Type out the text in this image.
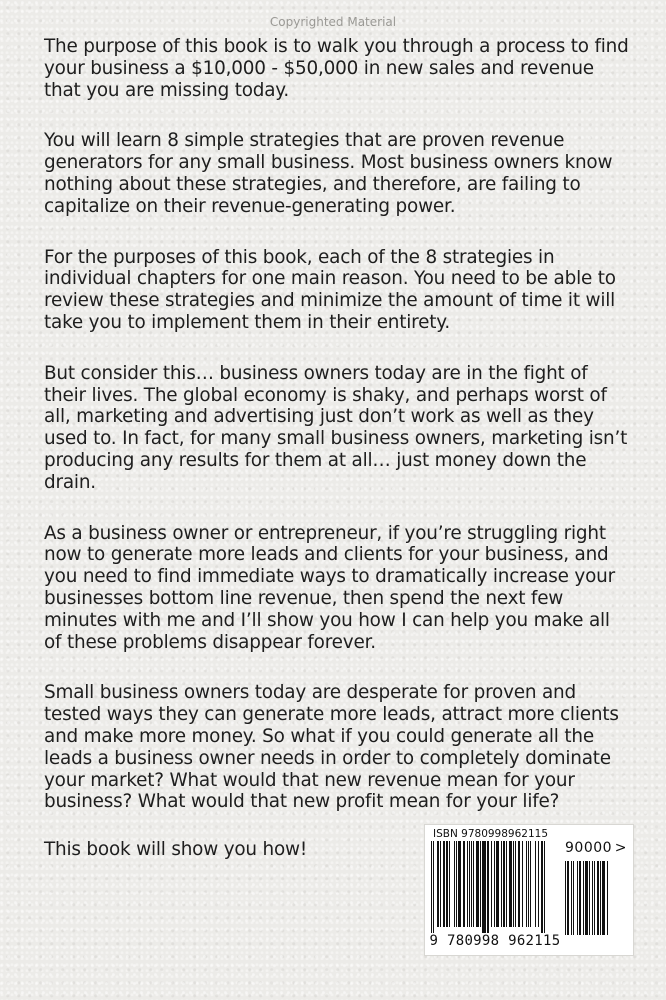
Copyrighted Material

The purpose of this book is to walk you through a process to find your business a $10,000 - $50,000 in new sales and revenue that you are missing today.

You will learn 8 simple strategies that are proven revenue generators for any small business. Most business owners know nothing about these strategies, and therefore, are failing to capitalize on their revenue-generating power.

For the purposes of this book, each of the 8 strategies in individual chapters for one main reason. You need to be able to review these strategies and minimize the amount of time it will take you to implement them in their entirety.

But consider this… business owners today are in the fight of their lives. The global economy is shaky, and perhaps worst of all, marketing and advertising just don’t work as well as they used to. In fact, for many small business owners, marketing isn’t producing any results for them at all… just money down the drain.

As a business owner or entrepreneur, if you’re struggling right now to generate more leads and clients for your business, and you need to find immediate ways to dramatically increase your businesses bottom line revenue, then spend the next few minutes with me and I’ll show you how I can help you make all of these problems disappear forever.

Small business owners today are desperate for proven and tested ways they can generate more leads, attract more clients and make more money. So what if you could generate all the leads a business owner needs in order to completely dominate your market? What would that new revenue mean for your business? What would that new profit mean for your life?

This book will show you how!
ISBN 9780998962115
90000 >
9 780998 962115
